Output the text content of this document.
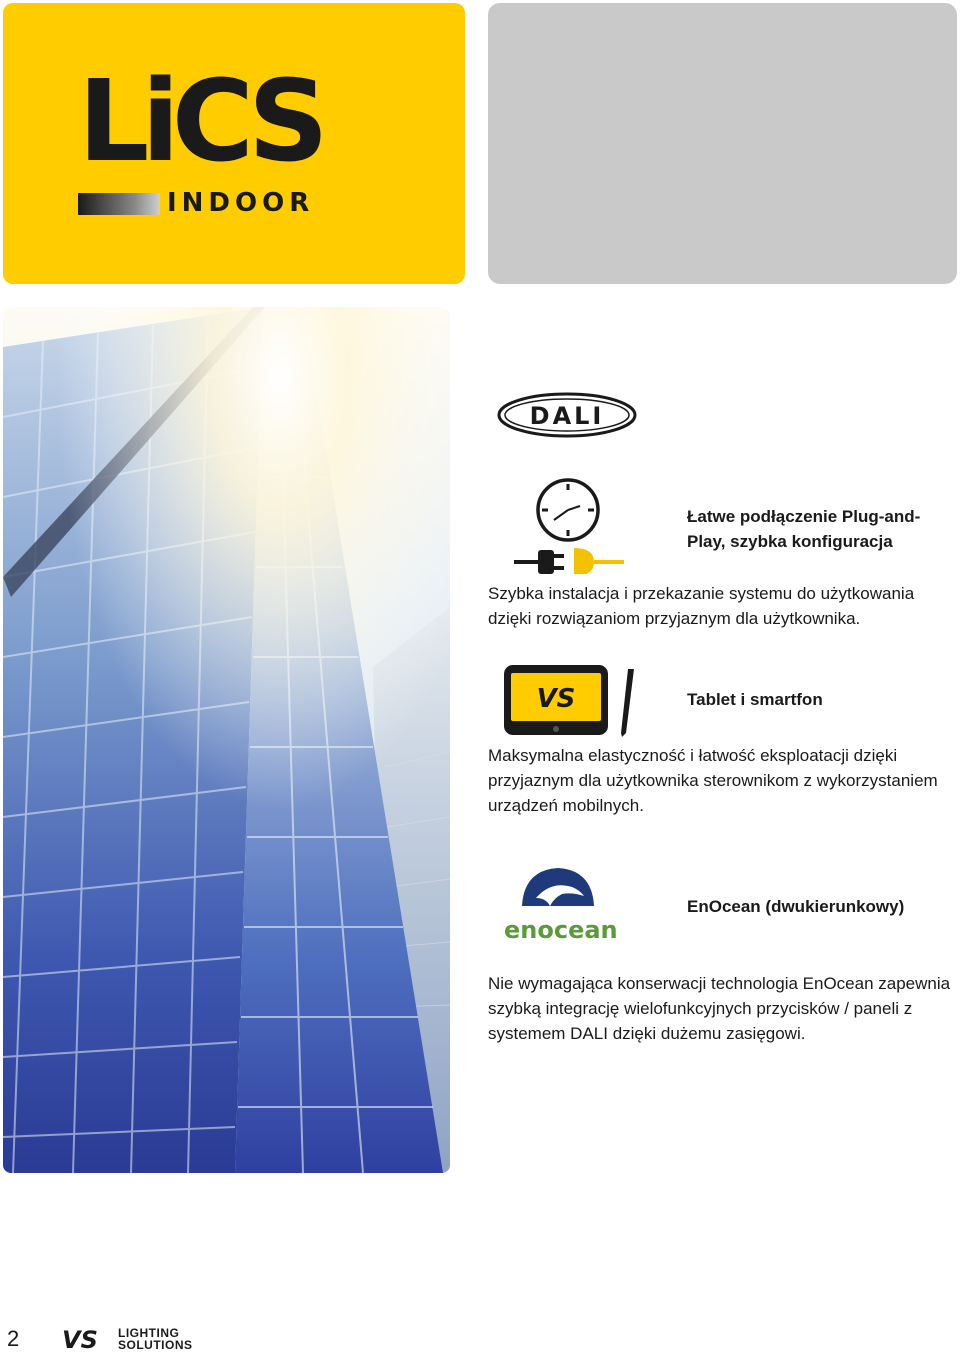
LiCS
INDOOR
DALI
Łatwe podłączenie Plug-and-Play, szybka konfiguracja

Szybka instalacja i przekazanie systemu do użytkowania dzięki rozwiązaniom przyjaznym dla użytkownika.

VS	Tablet i smartfon

Maksymalna elastyczność i łatwość eksploatacji dzięki przyjaznym dla użytkownika sterownikom z wykorzystaniem urządzeń mobilnych.

enocean
EnOcean (dwukierunkowy)

Nie wymagająca konserwacji technologia EnOcean zapewnia szybką integrację wielofunkcyjnych przycisków / paneli z systemem DALI dzięki dużemu zasięgowi.

2 VS LIGHTING
SOLUTIONS
